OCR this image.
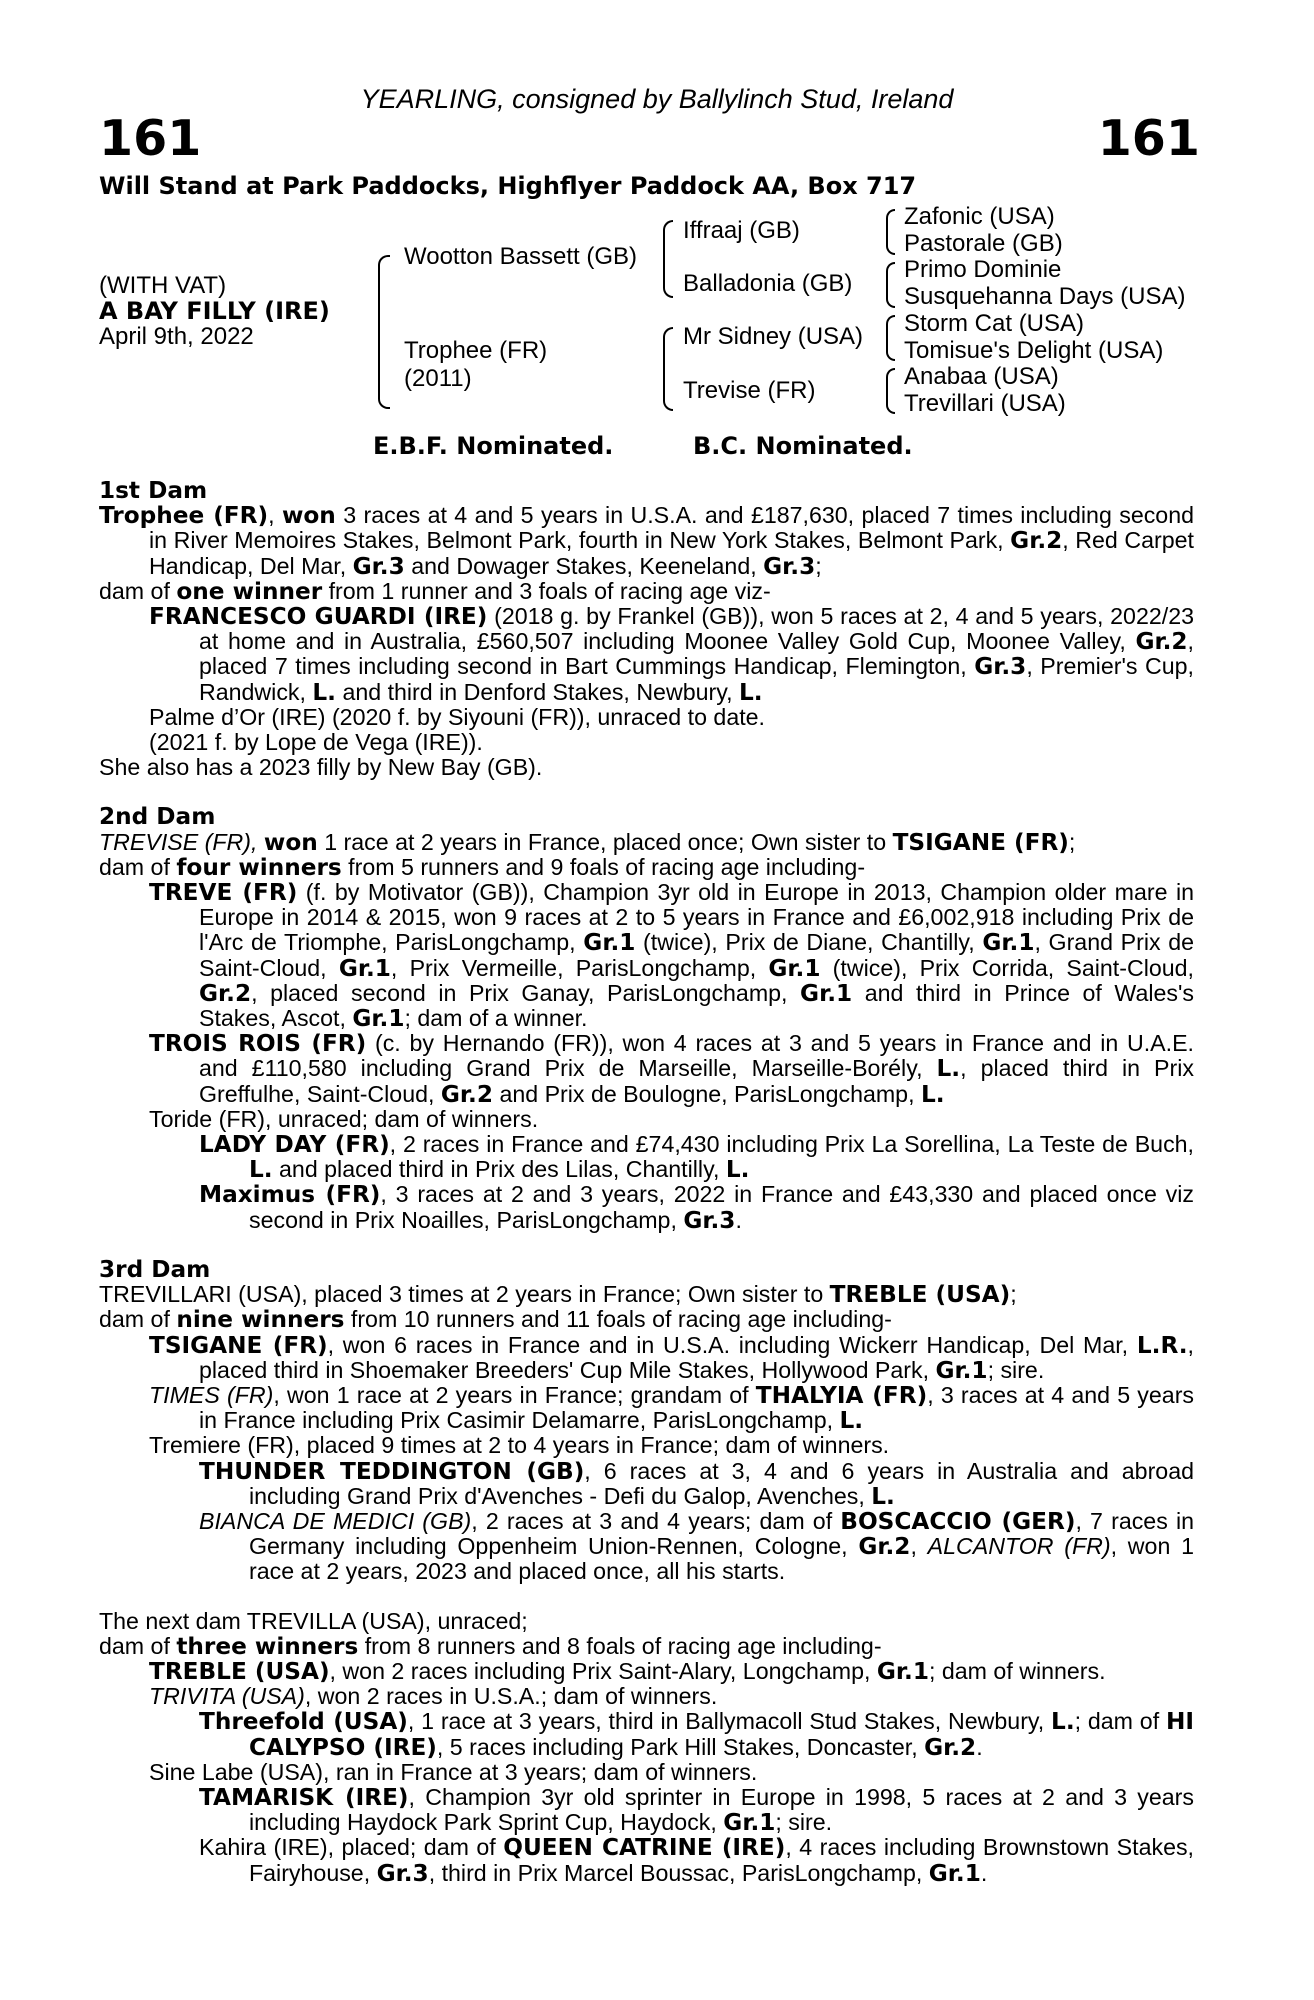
YEARLING, consigned by Ballylinch Stud, Ireland
161	161
Will Stand at Park Paddocks, Highflyer Paddock AA, Box 717
(WITH VAT)
A BAY FILLY (IRE)
April 9th, 2022
Wootton Bassett (GB)
Trophee (FR)
(2011)
Iffraaj (GB)
Balladonia (GB)
Mr Sidney (USA)
Trevise (FR)
Zafonic (USA)
Pastorale (GB)
Primo Dominie
Susquehanna Days (USA)
Storm Cat (USA)
Tomisue's Delight (USA)
Anabaa (USA)
Trevillari (USA)
E.B.F. Nominated.	B.C. Nominated.
1st Dam
Trophee (FR), won 3 races at 4 and 5 years in U.S.A. and £187,630, placed 7 times including second in River Memoires Stakes, Belmont Park, fourth in New York Stakes, Belmont Park, Gr.2, Red Carpet Handicap, Del Mar, Gr.3 and Dowager Stakes, Keeneland, Gr.3;
dam of one winner from 1 runner and 3 foals of racing age viz-
FRANCESCO GUARDI (IRE) (2018 g. by Frankel (GB)), won 5 races at 2, 4 and 5 years, 2022/23 at home and in Australia, £560,507 including Moonee Valley Gold Cup, Moonee Valley, Gr.2, placed 7 times including second in Bart Cummings Handicap, Flemington, Gr.3, Premier's Cup, Randwick, L. and third in Denford Stakes, Newbury, L.
Palme d’Or (IRE) (2020 f. by Siyouni (FR)), unraced to date.
(2021 f. by Lope de Vega (IRE)).
She also has a 2023 filly by New Bay (GB).
2nd Dam
TREVISE (FR), won 1 race at 2 years in France, placed once; Own sister to TSIGANE (FR);
dam of four winners from 5 runners and 9 foals of racing age including-
TREVE (FR) (f. by Motivator (GB)), Champion 3yr old in Europe in 2013, Champion older mare in Europe in 2014 & 2015, won 9 races at 2 to 5 years in France and £6,002,918 including Prix de l'Arc de Triomphe, ParisLongchamp, Gr.1 (twice), Prix de Diane, Chantilly, Gr.1, Grand Prix de Saint-Cloud, Gr.1, Prix Vermeille, ParisLongchamp, Gr.1 (twice), Prix Corrida, Saint-Cloud, Gr.2, placed second in Prix Ganay, ParisLongchamp, Gr.1 and third in Prince of Wales's Stakes, Ascot, Gr.1; dam of a winner.
TROIS ROIS (FR) (c. by Hernando (FR)), won 4 races at 3 and 5 years in France and in U.A.E. and £110,580 including Grand Prix de Marseille, Marseille-Borély, L., placed third in Prix Greffulhe, Saint-Cloud, Gr.2 and Prix de Boulogne, ParisLongchamp, L.
Toride (FR), unraced; dam of winners.
LADY DAY (FR), 2 races in France and £74,430 including Prix La Sorellina, La Teste de Buch, L. and placed third in Prix des Lilas, Chantilly, L.
Maximus (FR), 3 races at 2 and 3 years, 2022 in France and £43,330 and placed once viz second in Prix Noailles, ParisLongchamp, Gr.3.
3rd Dam
TREVILLARI (USA), placed 3 times at 2 years in France; Own sister to TREBLE (USA);
dam of nine winners from 10 runners and 11 foals of racing age including-
TSIGANE (FR), won 6 races in France and in U.S.A. including Wickerr Handicap, Del Mar, L.R., placed third in Shoemaker Breeders' Cup Mile Stakes, Hollywood Park, Gr.1; sire.
TIMES (FR), won 1 race at 2 years in France; grandam of THALYIA (FR), 3 races at 4 and 5 years in France including Prix Casimir Delamarre, ParisLongchamp, L.
Tremiere (FR), placed 9 times at 2 to 4 years in France; dam of winners.
THUNDER TEDDINGTON (GB), 6 races at 3, 4 and 6 years in Australia and abroad including Grand Prix d'Avenches - Defi du Galop, Avenches, L.
BIANCA DE MEDICI (GB), 2 races at 3 and 4 years; dam of BOSCACCIO (GER), 7 races in Germany including Oppenheim Union-Rennen, Cologne, Gr.2, ALCANTOR (FR), won 1 race at 2 years, 2023 and placed once, all his starts.
The next dam TREVILLA (USA), unraced;
dam of three winners from 8 runners and 8 foals of racing age including-
TREBLE (USA), won 2 races including Prix Saint-Alary, Longchamp, Gr.1; dam of winners.
TRIVITA (USA), won 2 races in U.S.A.; dam of winners.
Threefold (USA), 1 race at 3 years, third in Ballymacoll Stud Stakes, Newbury, L.; dam of HI CALYPSO (IRE), 5 races including Park Hill Stakes, Doncaster, Gr.2.
Sine Labe (USA), ran in France at 3 years; dam of winners.
TAMARISK (IRE), Champion 3yr old sprinter in Europe in 1998, 5 races at 2 and 3 years including Haydock Park Sprint Cup, Haydock, Gr.1; sire.
Kahira (IRE), placed; dam of QUEEN CATRINE (IRE), 4 races including Brownstown Stakes, Fairyhouse, Gr.3, third in Prix Marcel Boussac, ParisLongchamp, Gr.1.
